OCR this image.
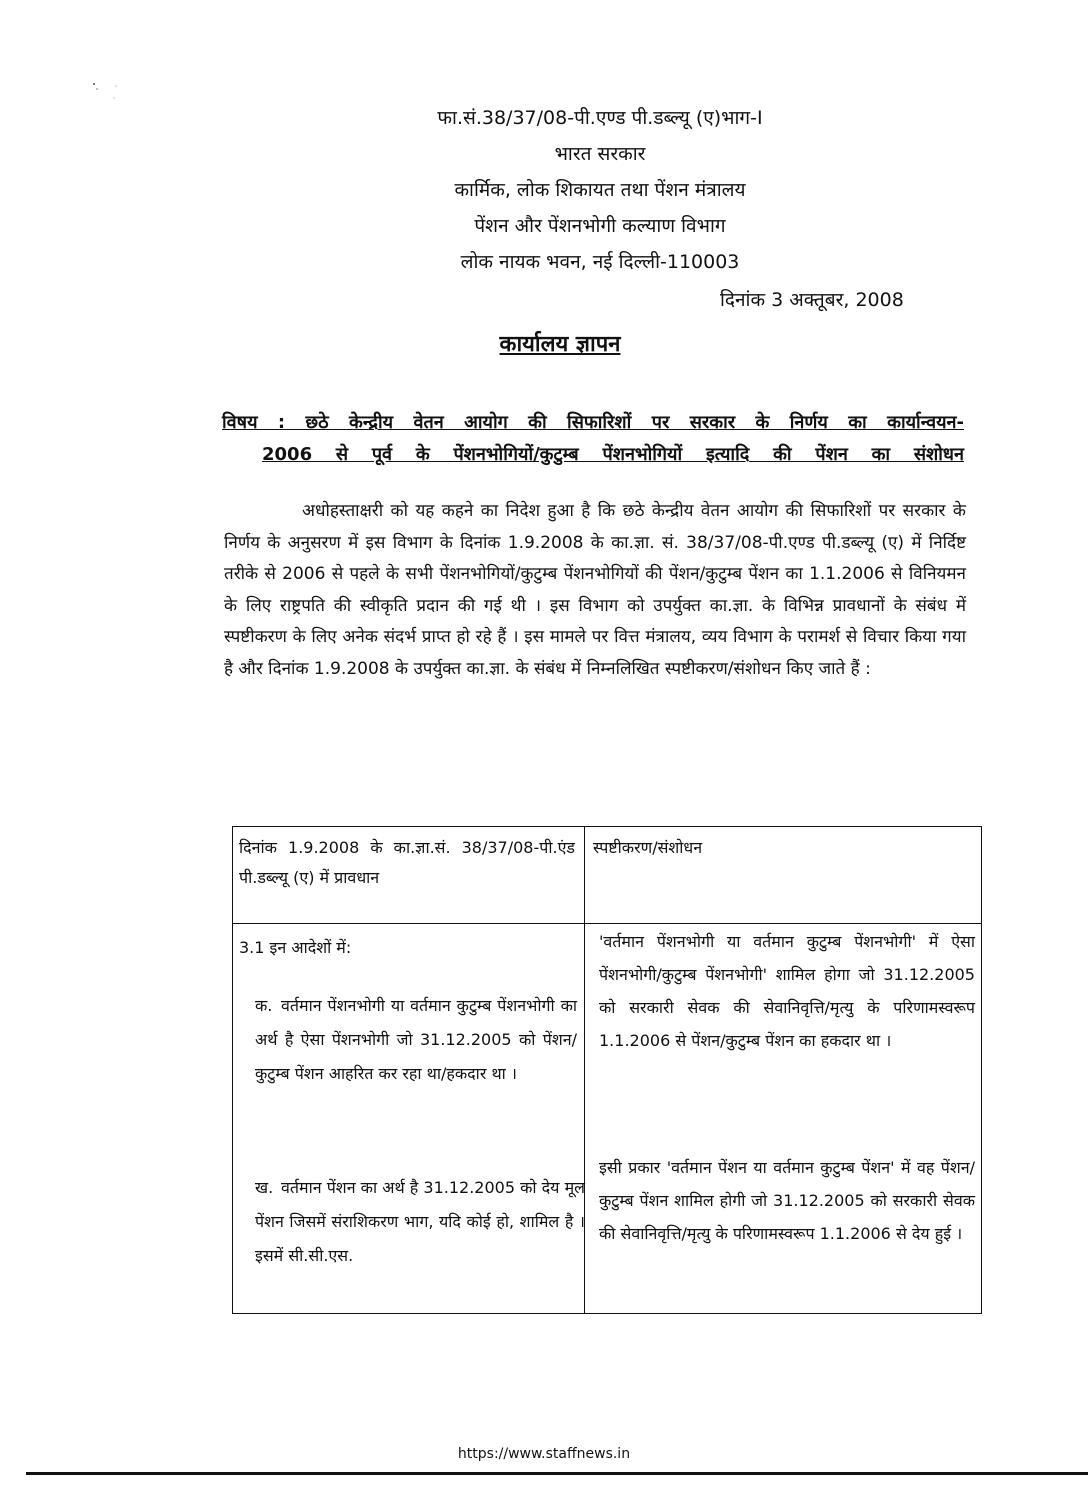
फा.सं.38/37/08-पी.एण्ड पी.डब्ल्यू (ए)भाग-I
भारत सरकार
कार्मिक, लोक शिकायत तथा पेंशन मंत्रालय
पेंशन और पेंशनभोगी कल्याण विभाग
लोक नायक भवन, नई दिल्ली-110003
दिनांक 3 अक्तूबर, 2008
कार्यालय ज्ञापन
विषय : छठे केन्द्रीय वेतन आयोग की सिफारिशों पर सरकार के निर्णय का कार्यान्वयन-
2006 से पूर्व के पेंशनभोगियों/कुटुम्ब पेंशनभोगियों इत्यादि की पेंशन का संशोधन
अधोहस्ताक्षरी को यह कहने का निदेश हुआ है कि छठे केन्द्रीय वेतन आयोग की सिफारिशों पर सरकार के निर्णय के अनुसरण में इस विभाग के दिनांक 1.9.2008 के का.ज्ञा. सं. 38/37/08-पी.एण्ड पी.डब्ल्यू (ए) में निर्दिष्ट तरीके से 2006 से पहले के सभी पेंशनभोगियों/कुटुम्ब पेंशनभोगियों की पेंशन/कुटुम्ब पेंशन का 1.1.2006 से विनियमन के लिए राष्ट्रपति की स्वीकृति प्रदान की गई थी । इस विभाग को उपर्युक्त का.ज्ञा. के विभिन्न प्रावधानों के संबंध में स्पष्टीकरण के लिए अनेक संदर्भ प्राप्त हो रहे हैं । इस मामले पर वित्त मंत्रालय, व्यय विभाग के परामर्श से विचार किया गया है और दिनांक 1.9.2008 के उपर्युक्त का.ज्ञा. के संबंध में निम्नलिखित स्पष्टीकरण/संशोधन किए जाते हैं :
दिनांक 1.9.2008 के का.ज्ञा.सं. 38/37/08-पी.एंड पी.डब्ल्यू (ए) में प्रावधान
स्पष्टीकरण/संशोधन
3.1 इन आदेशों में:
क. वर्तमान पेंशनभोगी या वर्तमान कुटुम्ब पेंशनभोगी का अर्थ है ऐसा पेंशनभोगी जो 31.12.2005 को पेंशन/कुटुम्ब पेंशन आहरित कर रहा था/हकदार था ।
ख. वर्तमान पेंशन का अर्थ है 31.12.2005 को देय मूल पेंशन जिसमें संराशिकरण भाग, यदि कोई हो, शामिल है । इसमें सी.सी.एस.
'वर्तमान पेंशनभोगी या वर्तमान कुटुम्ब पेंशनभोगी' में ऐसा पेंशनभोगी/कुटुम्ब पेंशनभोगी' शामिल होगा जो 31.12.2005 को सरकारी सेवक की सेवानिवृत्ति/मृत्यु के परिणामस्वरूप 1.1.2006 से पेंशन/कुटुम्ब पेंशन का हकदार था ।
इसी प्रकार 'वर्तमान पेंशन या वर्तमान कुटुम्ब पेंशन' में वह पेंशन/कुटुम्ब पेंशन शामिल होगी जो 31.12.2005 को सरकारी सेवक की सेवानिवृत्ति/मृत्यु के परिणामस्वरूप 1.1.2006 से देय हुई ।
https://www.staffnews.in
